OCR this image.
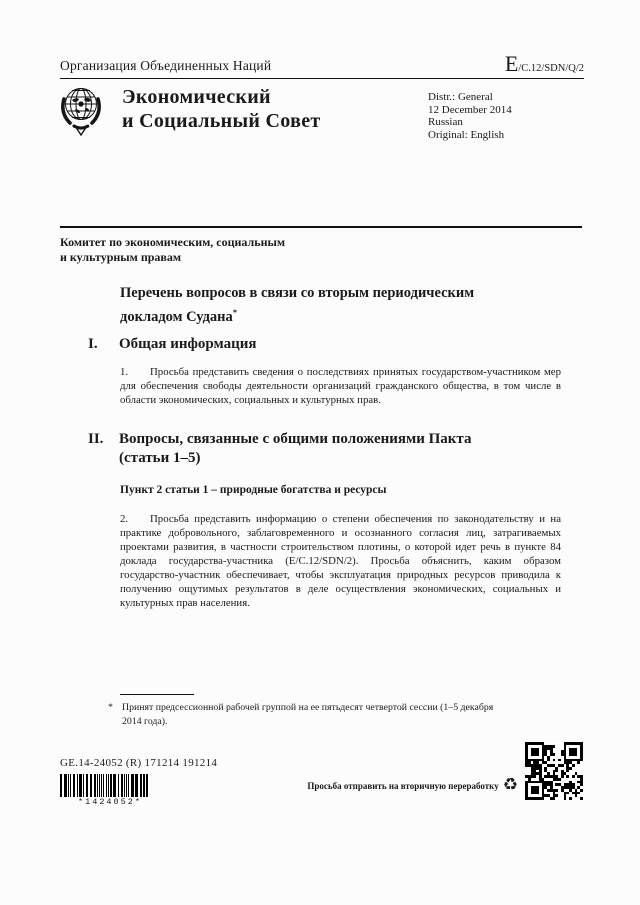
Организация Объединенных Наций	E/C.12/SDN/Q/2
Экономический
и Социальный Совет
Distr.: General
12 December 2014
Russian
Original: English
Комитет по экономическим, социальным
и культурным правам
Перечень вопросов в связи со вторым периодическим докладом Судана*
I. Общая информация
1. Просьба представить сведения о последствиях принятых государством-участником мер для обеспечения свободы деятельности организаций гражданского общества, в том числе в области экономических, социальных и культурных прав.
II. Вопросы, связанные с общими положениями Пакта (статьи 1–5)
Пункт 2 статьи 1 – природные богатства и ресурсы
2. Просьба представить информацию о степени обеспечения по законодательству и на практике добровольного, заблаговременного и осознанного согласия лиц, затрагиваемых проектами развития, в частности строительством плотины, о которой идет речь в пункте 84 доклада государства-участника (E/C.12/SDN/2). Просьба объяснить, каким образом государство-участник обеспечивает, чтобы эксплуатация природных ресурсов приводила к получению ощутимых результатов в деле осуществления экономических, социальных и культурных прав населения.
* Принят предсессионной рабочей группой на ее пятьдесят четвертой сессии (1–5 декабря 2014 года).
GE.14-24052 (R) 171214 191214
*1424052*
Просьба отправить на вторичную переработку ♻
